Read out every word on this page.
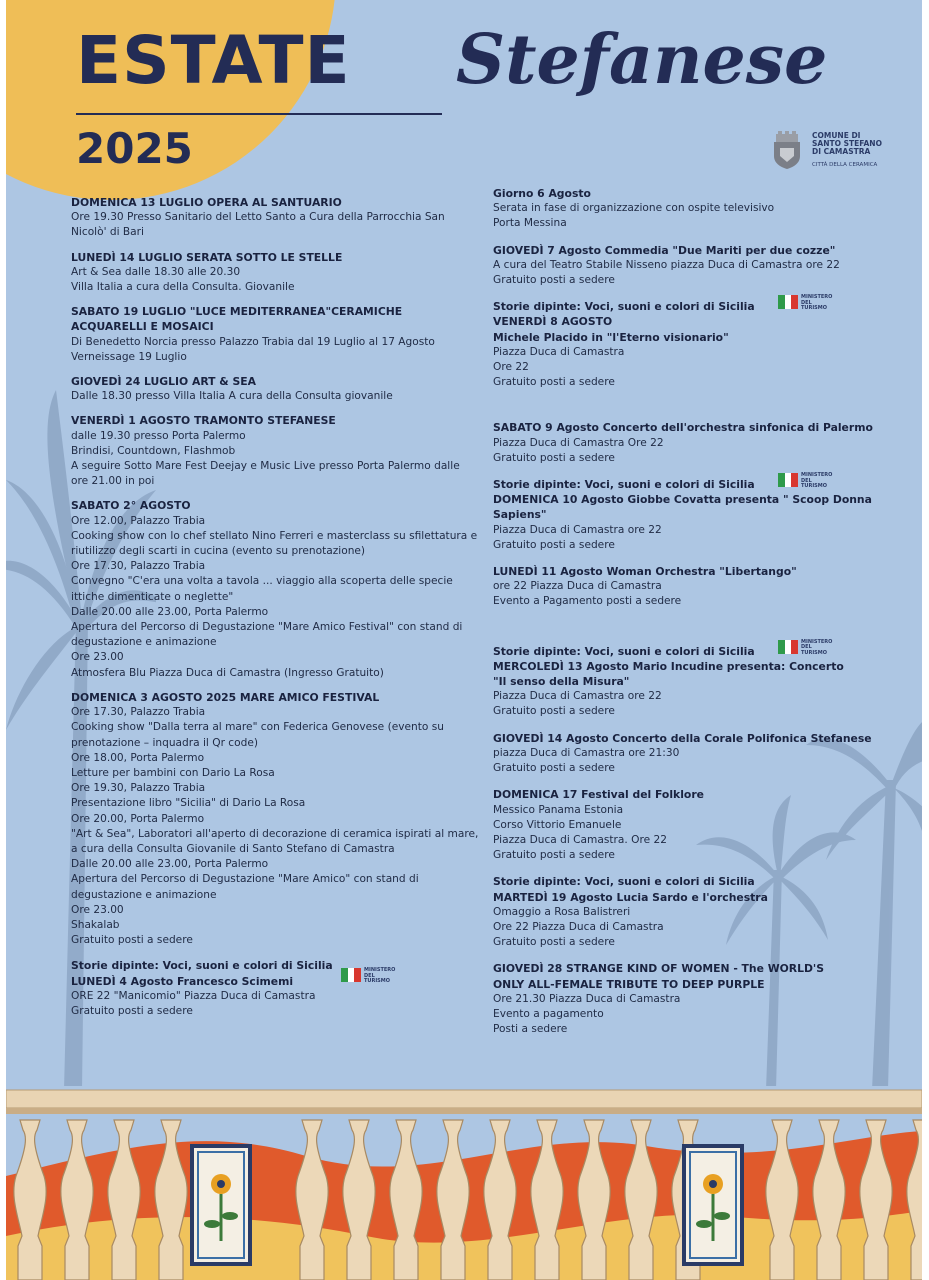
ESTATE Stefanese
2025	COMUNE DI
SANTO STEFANO
DI CAMASTRA
CITTÀ DELLA CERAMICA
DOMENICA 13 LUGLIO OPERA AL SANTUARIO

Ore 19.30 Presso Sanitario del Letto Santo a Cura della Parrocchia San

Nicolò' di Bari

LUNEDÌ 14 LUGLIO SERATA SOTTO LE STELLE

Art & Sea dalle 18.30 alle 20.30

Villa Italia a cura della Consulta. Giovanile

SABATO 19 LUGLIO "LUCE MEDITERRANEA"CERAMICHE
ACQUARELLI E MOSAICI

Di Benedetto Norcia presso Palazzo Trabia dal 19 Luglio al 17 Agosto

Verneissage 19 Luglio

GIOVEDÌ 24 LUGLIO ART & SEA

Dalle 18.30 presso Villa Italia A cura della Consulta giovanile

VENERDÌ 1 AGOSTO TRAMONTO STEFANESE

dalle 19.30 presso Porta Palermo

Brindisi, Countdown, Flashmob

A seguire Sotto Mare Fest Deejay e Music Live presso Porta Palermo dalle

ore 21.00 in poi

SABATO 2° AGOSTO

Ore 12.00, Palazzo Trabia

Cooking show con lo chef stellato Nino Ferreri e masterclass su sfilettatura e

riutilizzo degli scarti in cucina (evento su prenotazione)

Ore 17.30, Palazzo Trabia

Convegno "C'era una volta a tavola ... viaggio alla scoperta delle specie

ittiche dimenticate o neglette"

Dalle 20.00 alle 23.00, Porta Palermo

Apertura del Percorso di Degustazione "Mare Amico Festival" con stand di

degustazione e animazione

Ore 23.00

Atmosfera Blu Piazza Duca di Camastra (Ingresso Gratuito)

DOMENICA 3 AGOSTO 2025 MARE AMICO FESTIVAL

Ore 17.30, Palazzo Trabia

Cooking show "Dalla terra al mare" con Federica Genovese (evento su

prenotazione – inquadra il Qr code)

Ore 18.00, Porta Palermo

Letture per bambini con Dario La Rosa

Ore 19.30, Palazzo Trabia

Presentazione libro "Sicilia" di Dario La Rosa

Ore 20.00, Porta Palermo

"Art & Sea", Laboratori all'aperto di decorazione di ceramica ispirati al mare,

a cura della Consulta Giovanile di Santo Stefano di Camastra

Dalle 20.00 alle 23.00, Porta Palermo

Apertura del Percorso di Degustazione "Mare Amico" con stand di

degustazione e animazione

Ore 23.00

Shakalab

Gratuito posti a sedere

Storie dipinte: Voci, suoni e colori di Sicilia
LUNEDÌ 4 Agosto Francesco Scimemi

ORE 22 "Manicomio" Piazza Duca di Camastra

Gratuito posti a sedere

MINISTERO
DEL TURISMO
Giorno 6 Agosto

Serata in fase di organizzazione con ospite televisivo

Porta Messina

GIOVEDÌ 7 Agosto Commedia "Due Mariti per due cozze"

A cura del Teatro Stabile Nisseno piazza Duca di Camastra ore 22

Gratuito posti a sedere

Storie dipinte: Voci, suoni e colori di Sicilia
VENERDÌ 8 AGOSTO
Michele Placido in "l'Eterno visionario"

Piazza Duca di Camastra

Ore 22

Gratuito posti a sedere

MINISTERO
DEL TURISMO
SABATO 9 Agosto Concerto dell'orchestra sinfonica di Palermo

Piazza Duca di Camastra Ore 22

Gratuito posti a sedere

Storie dipinte: Voci, suoni e colori di Sicilia
DOMENICA 10 Agosto Giobbe Covatta presenta " Scoop Donna Sapiens"

Piazza Duca di Camastra ore 22

Gratuito posti a sedere

MINISTERO
DEL TURISMO
LUNEDÌ 11 Agosto Woman Orchestra "Libertango"

ore 22 Piazza Duca di Camastra

Evento a Pagamento posti a sedere

Storie dipinte: Voci, suoni e colori di Sicilia
MERCOLEDÌ 13 Agosto Mario Incudine presenta: Concerto
"Il senso della Misura"

Piazza Duca di Camastra ore 22

Gratuito posti a sedere

MINISTERO
DEL TURISMO
GIOVEDÌ 14 Agosto Concerto della Corale Polifonica Stefanese

piazza Duca di Camastra ore 21:30

Gratuito posti a sedere

DOMENICA 17 Festival del Folklore

Messico Panama Estonia

Corso Vittorio Emanuele

Piazza Duca di Camastra. Ore 22

Gratuito posti a sedere

Storie dipinte: Voci, suoni e colori di Sicilia
MARTEDÌ 19 Agosto Lucia Sardo e l'orchestra

Omaggio a Rosa Balistreri

Ore 22 Piazza Duca di Camastra

Gratuito posti a sedere

GIOVEDÌ 28 STRANGE KIND OF WOMEN - The WORLD'S
ONLY ALL-FEMALE TRIBUTE TO DEEP PURPLE

Ore 21.30 Piazza Duca di Camastra

Evento a pagamento

Posti a sedere
